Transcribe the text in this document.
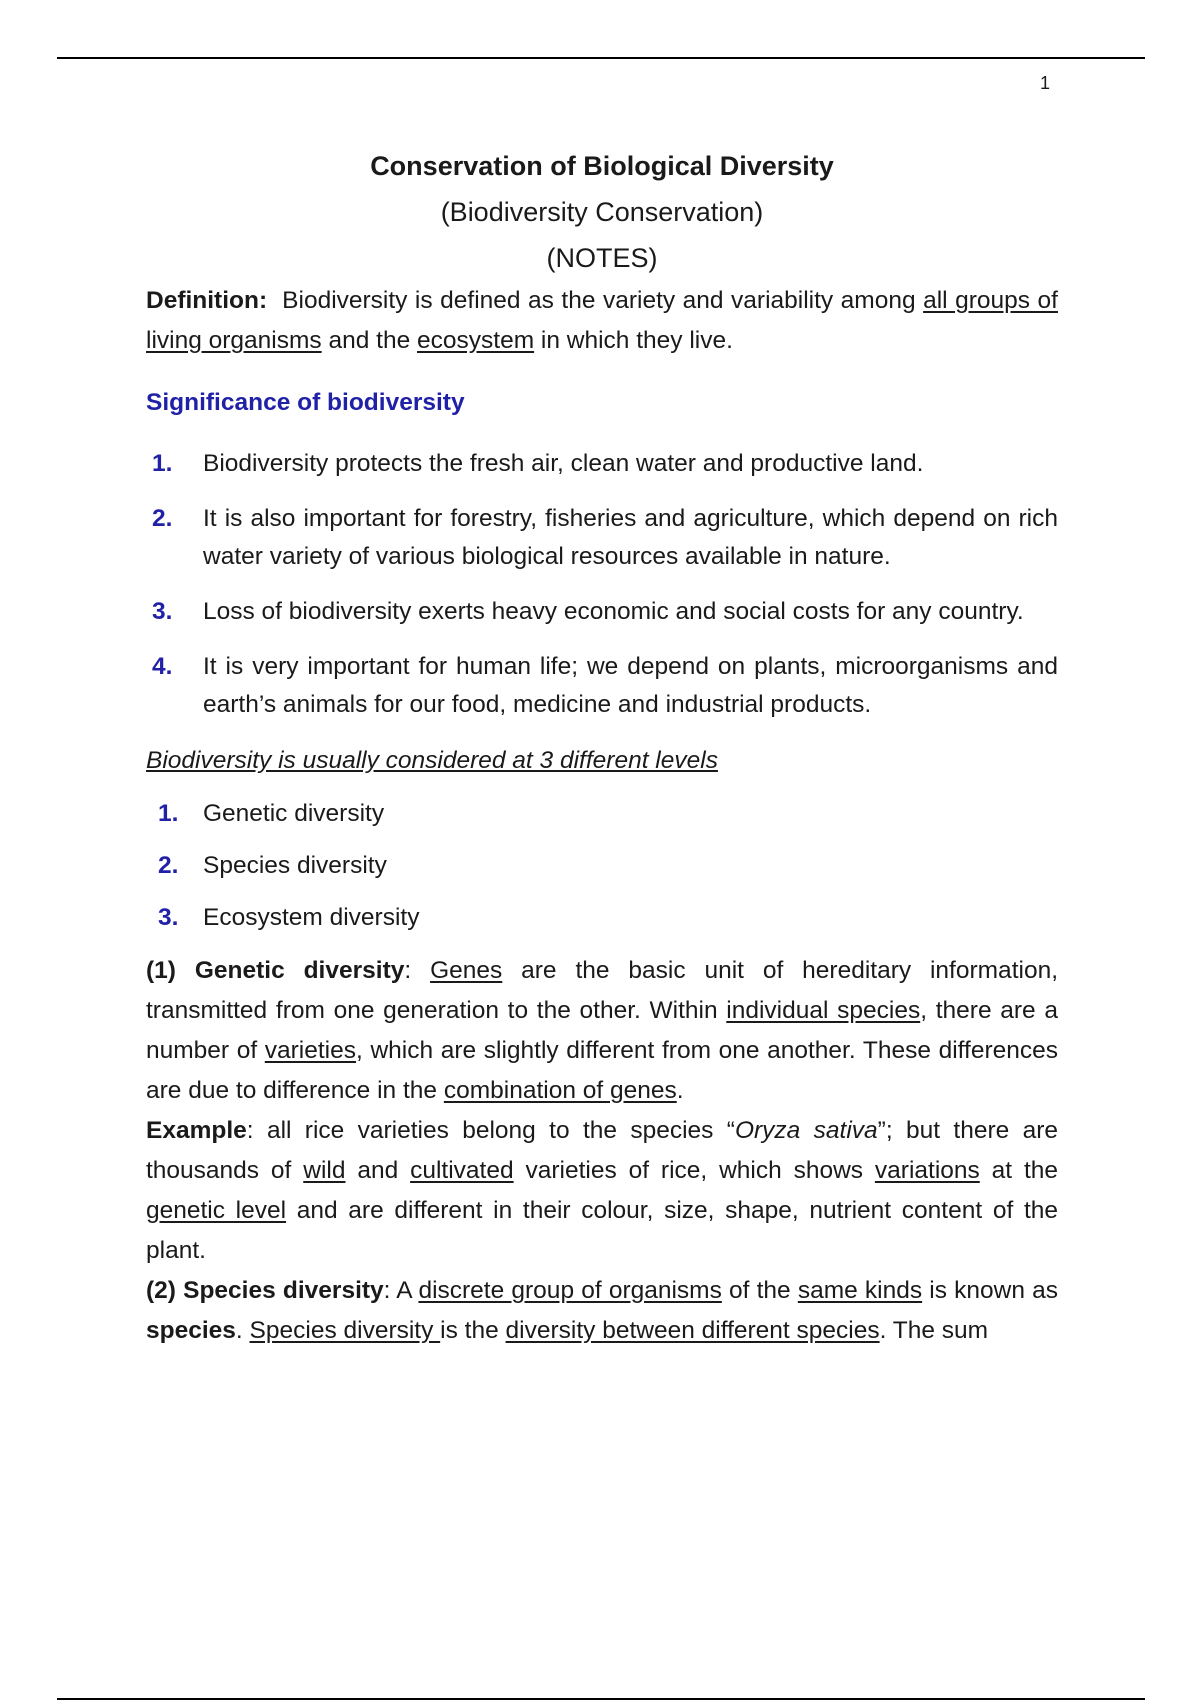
1
Conservation of Biological Diversity
(Biodiversity Conservation)
(NOTES)

Definition: Biodiversity is defined as the variety and variability among all groups of living organisms and the ecosystem in which they live.

Significance of biodiversity
1.	Biodiversity protects the fresh air, clean water and productive land.
2.	It is also important for forestry, fisheries and agriculture, which depend on rich water variety of various biological resources available in nature.
3.	Loss of biodiversity exerts heavy economic and social costs for any country.
4.	It is very important for human life; we depend on plants, microorganisms and earth’s animals for our food, medicine and industrial products.
Biodiversity is usually considered at 3 different levels
1.	Genetic diversity
2.	Species diversity
3.	Ecosystem diversity

(1) Genetic diversity: Genes are the basic unit of hereditary information, transmitted from one generation to the other. Within individual species, there are a number of varieties, which are slightly different from one another. These differences are due to difference in the combination of genes.

Example: all rice varieties belong to the species “Oryza sativa”; but there are thousands of wild and cultivated varieties of rice, which shows variations at the genetic level and are different in their colour, size, shape, nutrient content of the plant.

(2) Species diversity: A discrete group of organisms of the same kinds is known as species. Species diversity is the diversity between different species. The sum
